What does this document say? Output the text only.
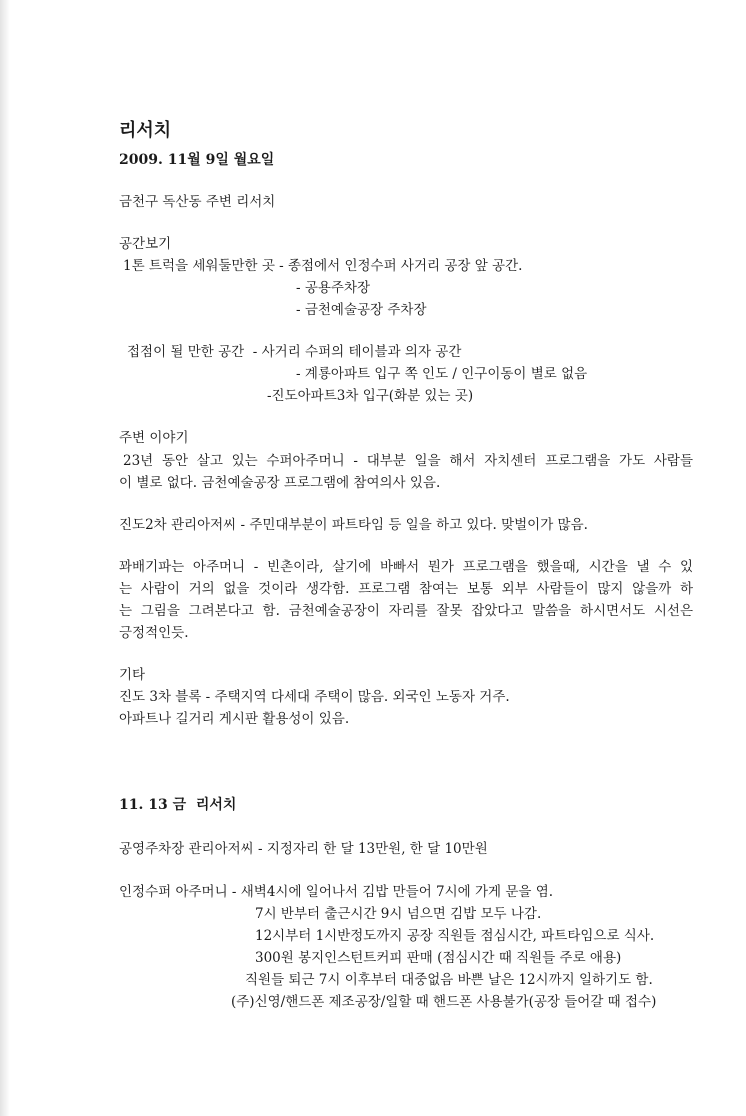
리서치
2009. 11월 9일 월요일
금천구 독산동 주변 리서치
공간보기
1톤 트럭을 세워둘만한 곳 - 종점에서 인정수퍼 사거리 공장 앞 공간.
- 공용주차장
- 금천예술공장 주차장
접점이 될 만한 공간  - 사거리 수퍼의 테이블과 의자 공간
- 계룡아파트 입구 쪽 인도 / 인구이동이 별로 없음
-진도아파트3차 입구(화분 있는 곳)
주변 이야기
23년 동안 살고 있는 수퍼아주머니 - 대부분 일을 해서 자치센터 프로그램을 가도 사람들
이 별로 없다. 금천예술공장 프로그램에 참여의사 있음.
진도2차 관리아저씨 - 주민대부분이 파트타임 등 일을 하고 있다. 맞벌이가 많음.
꽈배기파는 아주머니 - 빈촌이라, 살기에 바빠서 뭔가 프로그램을 했을때, 시간을 낼 수 있
는 사람이 거의 없을 것이라 생각함. 프로그램 참여는 보통 외부 사람들이 많지 않을까 하
는 그림을 그려본다고 함. 금천예술공장이 자리를 잘못 잡았다고 말씀을 하시면서도 시선은
긍정적인듯.
기타
진도 3차 블록 - 주택지역 다세대 주택이 많음. 외국인 노동자 거주.
아파트나 길거리 게시판 활용성이 있음.
11. 13 금  리서치
공영주차장 관리아저씨 - 지정자리 한 달 13만원, 한 달 10만원
인정수퍼 아주머니 - 새벽4시에 일어나서 김밥 만들어 7시에 가게 문을 염.
7시 반부터 출근시간 9시 넘으면 김밥 모두 나감.
12시부터 1시반정도까지 공장 직원들 점심시간, 파트타임으로 식사.
300원 봉지인스턴트커피 판매 (점심시간 때 직원들 주로 애용)
직원들 퇴근 7시 이후부터 대중없음 바쁜 날은 12시까지 일하기도 함.
(주)신영/핸드폰 제조공장/일할 때 핸드폰 사용불가(공장 들어갈 때 접수)
